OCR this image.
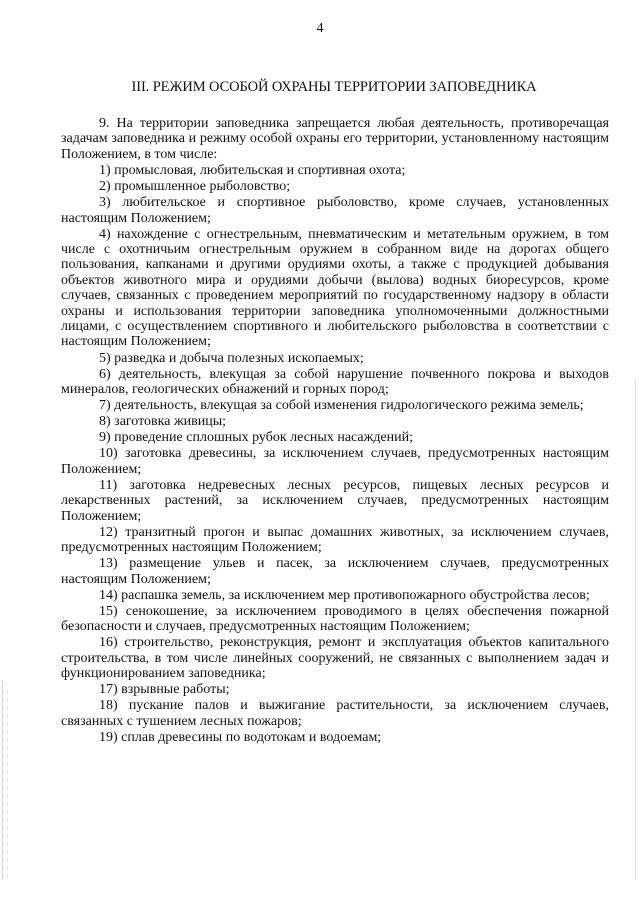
4
III. РЕЖИМ ОСОБОЙ ОХРАНЫ ТЕРРИТОРИИ ЗАПОВЕДНИКА

9. На территории заповедника запрещается любая деятельность, противоречащая задачам заповедника и режиму особой охраны его территории, установленному настоящим Положением, в том числе:

1) промысловая, любительская и спортивная охота;

2) промышленное рыболовство;

3) любительское и спортивное рыболовство, кроме случаев, установленных настоящим Положением;

4) нахождение с огнестрельным, пневматическим и метательным оружием, в том числе с охотничьим огнестрельным оружием в собранном виде на дорогах общего пользования, капканами и другими орудиями охоты, а также с продукцией добывания объектов животного мира и орудиями добычи (вылова) водных биоресурсов, кроме случаев, связанных с проведением мероприятий по государственному надзору в области охраны и использования территории заповедника уполномоченными должностными лицами, с осуществлением спортивного и любительского рыболовства в соответствии с настоящим Положением;

5) разведка и добыча полезных ископаемых;

6) деятельность, влекущая за собой нарушение почвенного покрова и выходов минералов, геологических обнажений и горных пород;

7) деятельность, влекущая за собой изменения гидрологического режима земель;

8) заготовка живицы;

9) проведение сплошных рубок лесных насаждений;

10) заготовка древесины, за исключением случаев, предусмотренных настоящим Положением;

11) заготовка недревесных лесных ресурсов, пищевых лесных ресурсов и лекарственных растений, за исключением случаев, предусмотренных настоящим Положением;

12) транзитный прогон и выпас домашних животных, за исключением случаев, предусмотренных настоящим Положением;

13) размещение ульев и пасек, за исключением случаев, предусмотренных настоящим Положением;

14) распашка земель, за исключением мер противопожарного обустройства лесов;

15) сенокошение, за исключением проводимого в целях обеспечения пожарной безопасности и случаев, предусмотренных настоящим Положением;

16) строительство, реконструкция, ремонт и эксплуатация объектов капитального строительства, в том числе линейных сооружений, не связанных с выполнением задач и функционированием заповедника;

17) взрывные работы;

18) пускание палов и выжигание растительности, за исключением случаев, связанных с тушением лесных пожаров;

19) сплав древесины по водотокам и водоемам;
